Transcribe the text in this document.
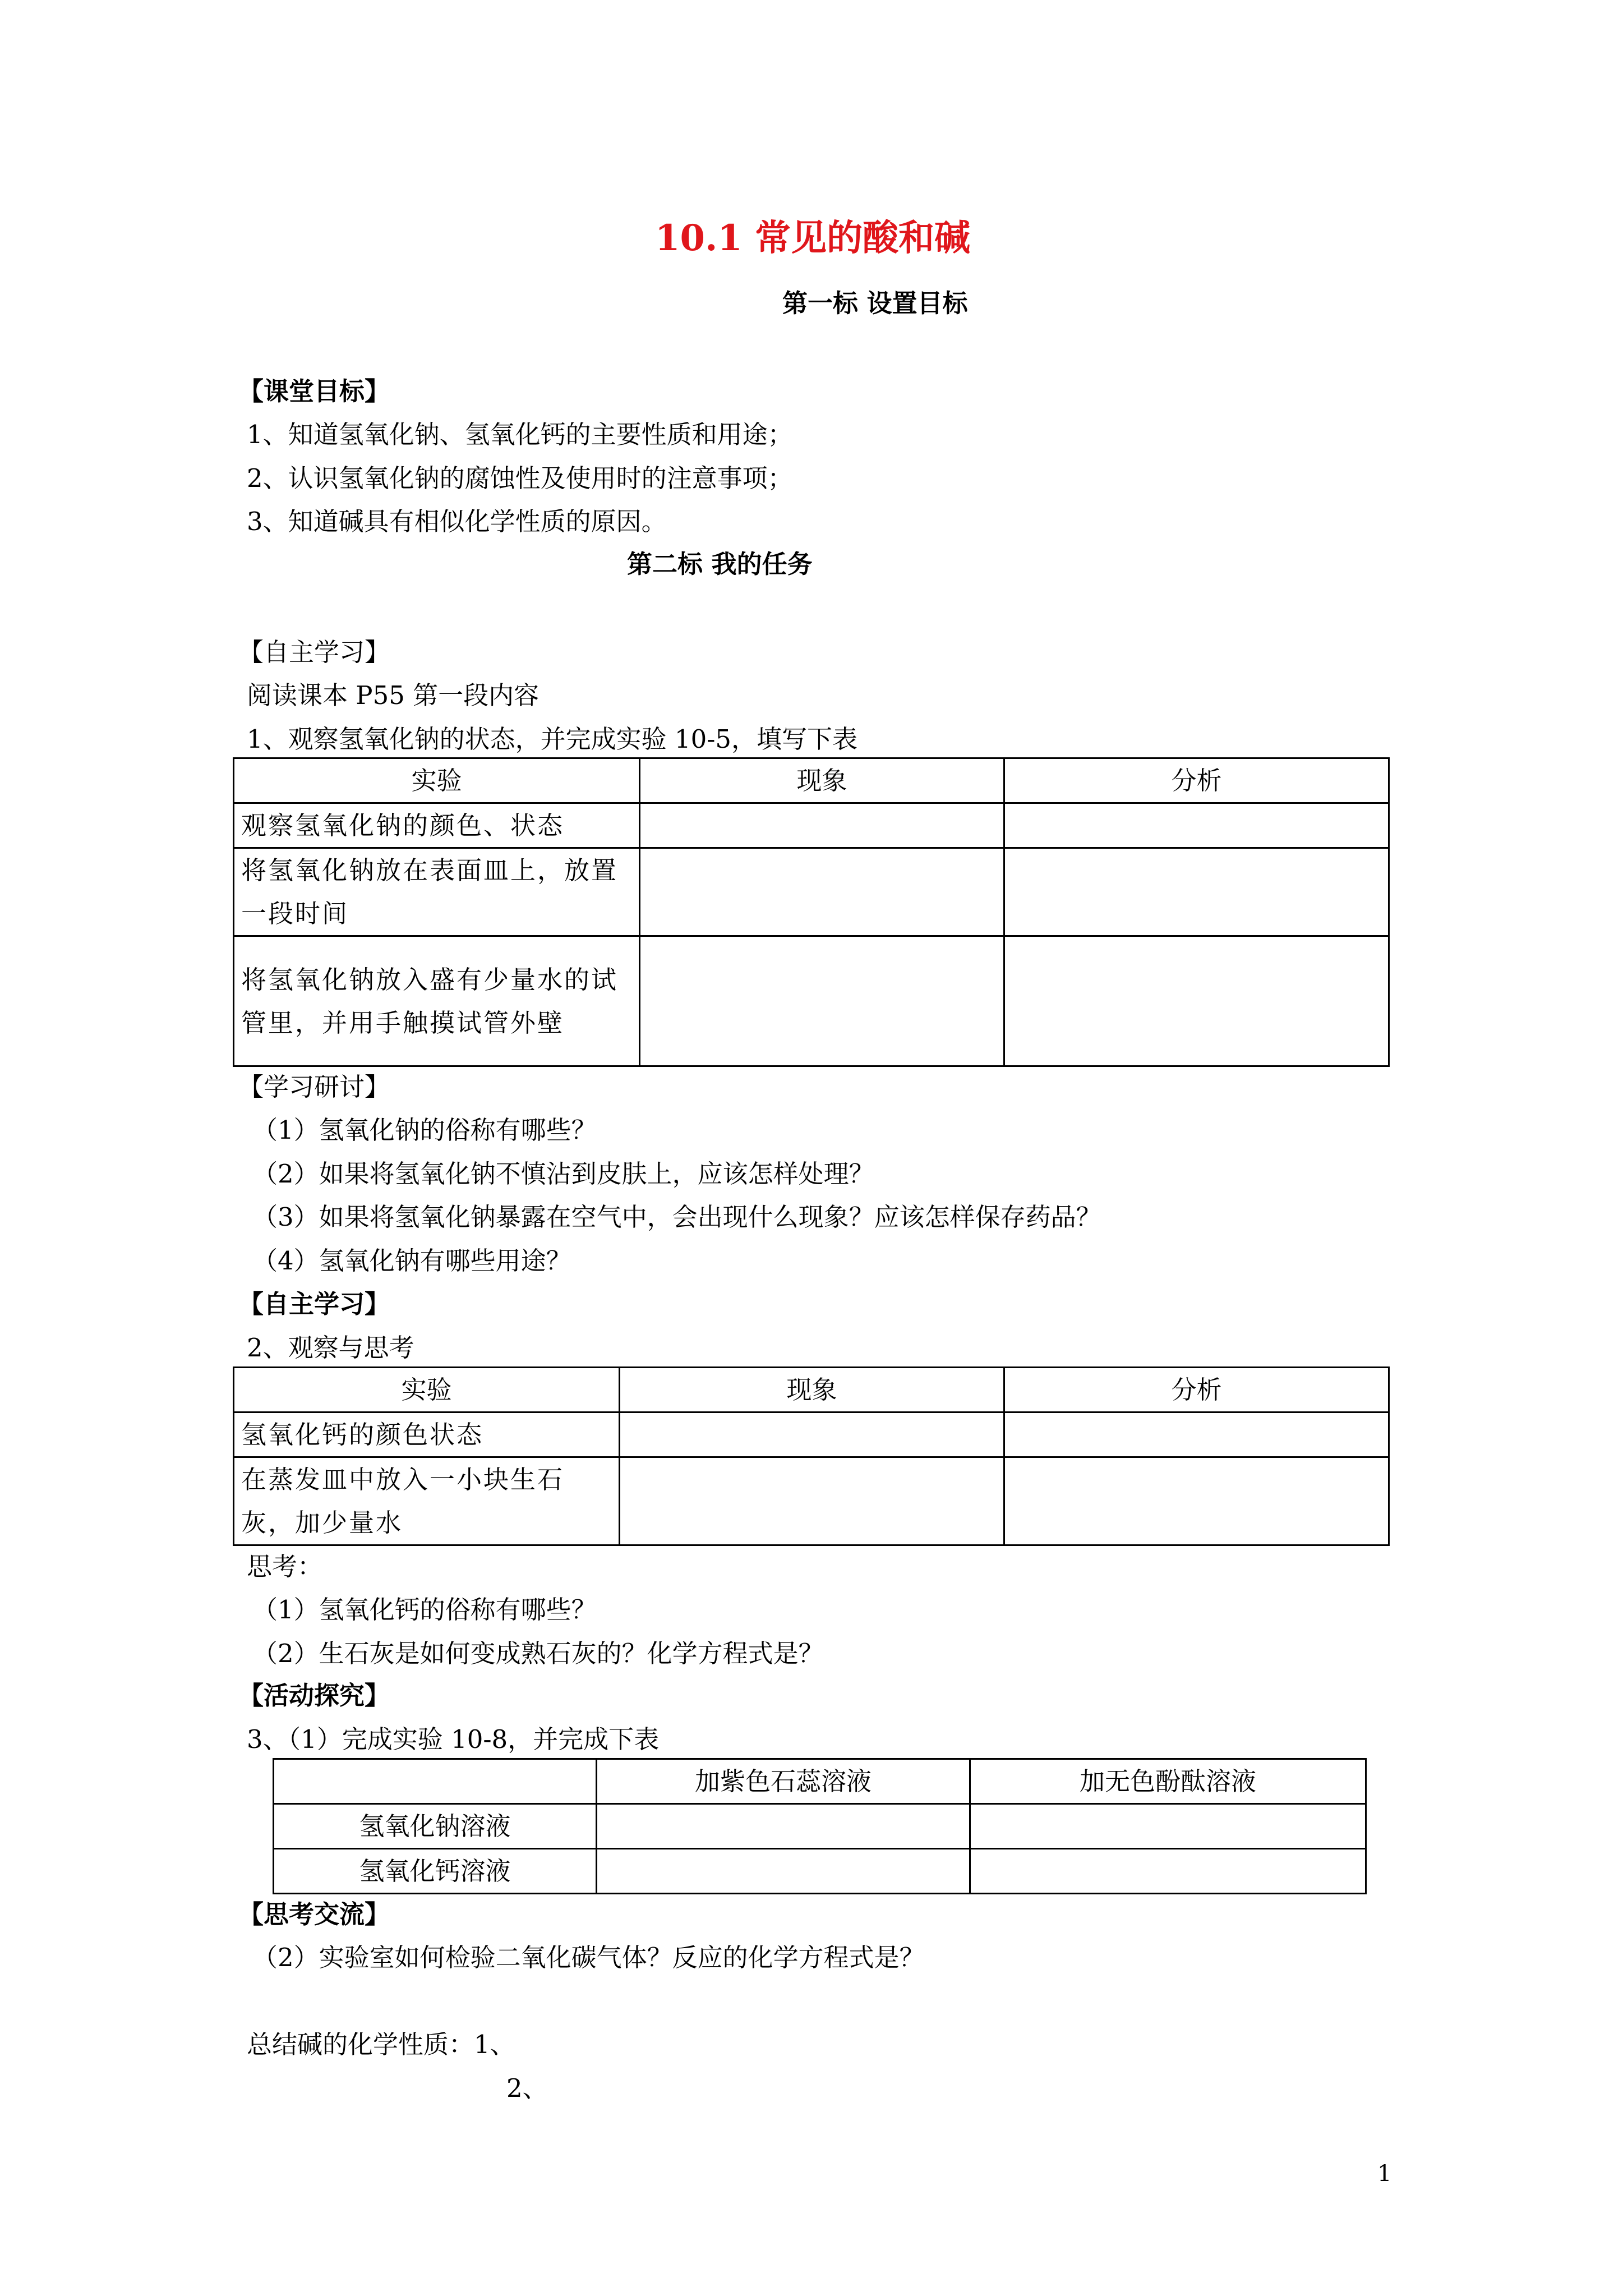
10.1 常见的酸和碱
第一标 设置目标
【课堂目标】
1、知道氢氧化钠、氢氧化钙的主要性质和用途；
2、认识氢氧化钠的腐蚀性及使用时的注意事项；
3、知道碱具有相似化学性质的原因。
第二标 我的任务
【自主学习】
阅读课本 P55 第一段内容
1、观察氢氧化钠的状态，并完成实验 10-5，填写下表
实验	现象	分析
观察氢氧化钠的颜色、状态		
将氢氧化钠放在表面皿上，放置一段时间		
将氢氧化钠放入盛有少量水的试管里，并用手触摸试管外壁		
【学习研讨】
（1）氢氧化钠的俗称有哪些？
（2）如果将氢氧化钠不慎沾到皮肤上，应该怎样处理？
（3）如果将氢氧化钠暴露在空气中，会出现什么现象？应该怎样保存药品？
（4）氢氧化钠有哪些用途？
【自主学习】
2、观察与思考
实验	现象	分析
氢氧化钙的颜色状态		
在蒸发皿中放入一小块生石灰，加少量水		
思考：
（1）氢氧化钙的俗称有哪些？
（2）生石灰是如何变成熟石灰的？化学方程式是？
【活动探究】
3、（1）完成实验 10-8，并完成下表
	加紫色石蕊溶液	加无色酚酞溶液
氢氧化钠溶液		
氢氧化钙溶液		
【思考交流】
（2）实验室如何检验二氧化碳气体？反应的化学方程式是？
总结碱的化学性质：1、
2、
1
